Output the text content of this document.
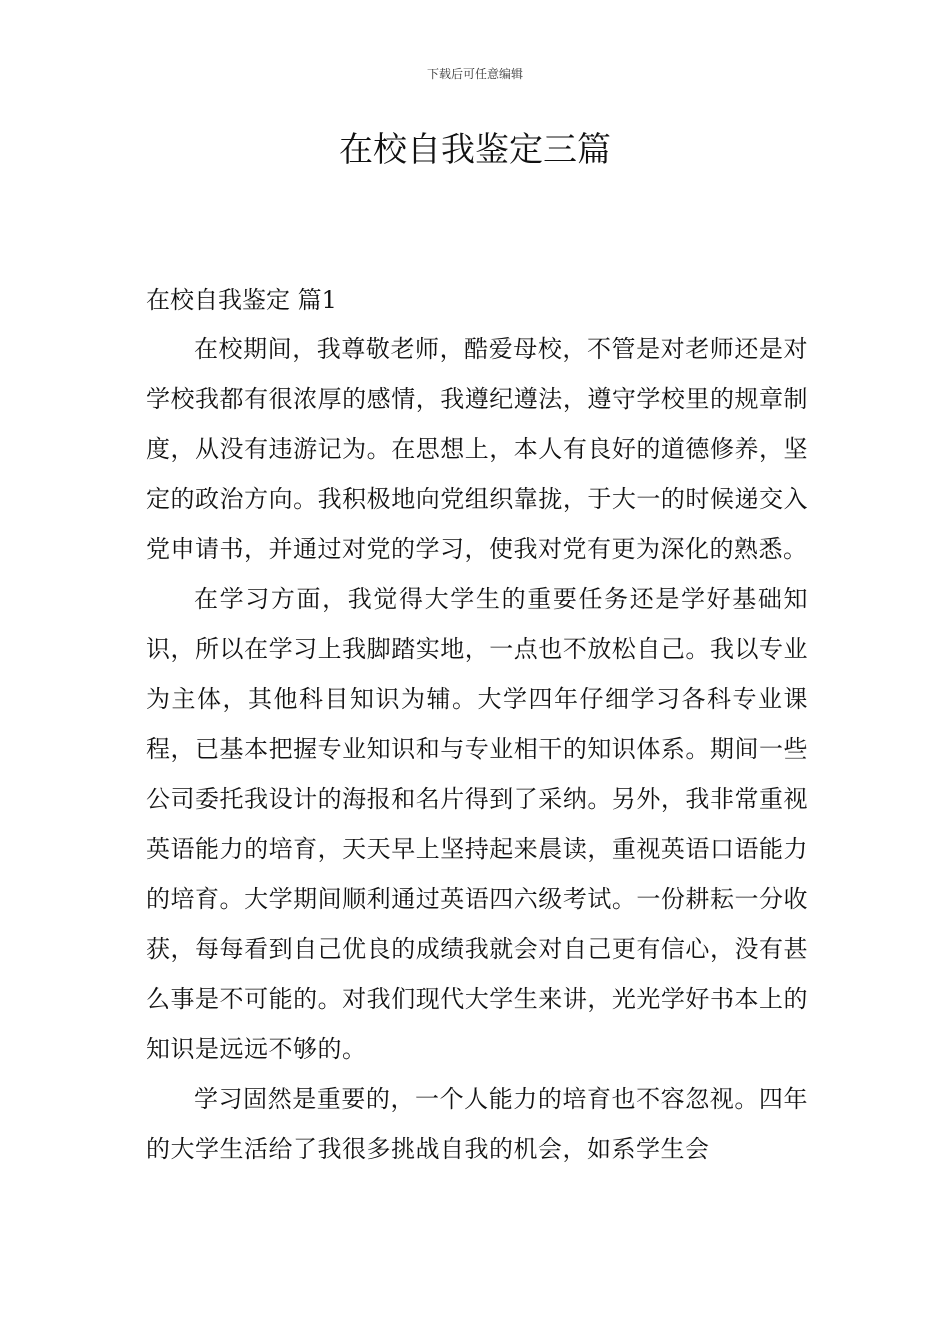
下载后可任意编辑
在校自我鉴定三篇
在校自我鉴定 篇1

在校期间，我尊敬老师，酷爱母校，不管是对老师还是对学校我都有很浓厚的感情，我遵纪遵法，遵守学校里的规章制度，从没有违游记为。在思想上，本人有良好的道德修养，坚定的政治方向。我积极地向党组织靠拢，于大一的时候递交入党申请书，并通过对党的学习，使我对党有更为深化的熟悉。

在学习方面，我觉得大学生的重要任务还是学好基础知识，所以在学习上我脚踏实地，一点也不放松自己。我以专业为主体，其他科目知识为辅。大学四年仔细学习各科专业课程，已基本把握专业知识和与专业相干的知识体系。期间一些公司委托我设计的海报和名片得到了采纳。另外，我非常重视英语能力的培育，天天早上坚持起来晨读，重视英语口语能力的培育。大学期间顺利通过英语四六级考试。一份耕耘一分收获，每每看到自己优良的成绩我就会对自己更有信心，没有甚么事是不可能的。对我们现代大学生来讲，光光学好书本上的知识是远远不够的。

学习固然是重要的，一个人能力的培育也不容忽视。四年的大学生活给了我很多挑战自我的机会，如系学生会
